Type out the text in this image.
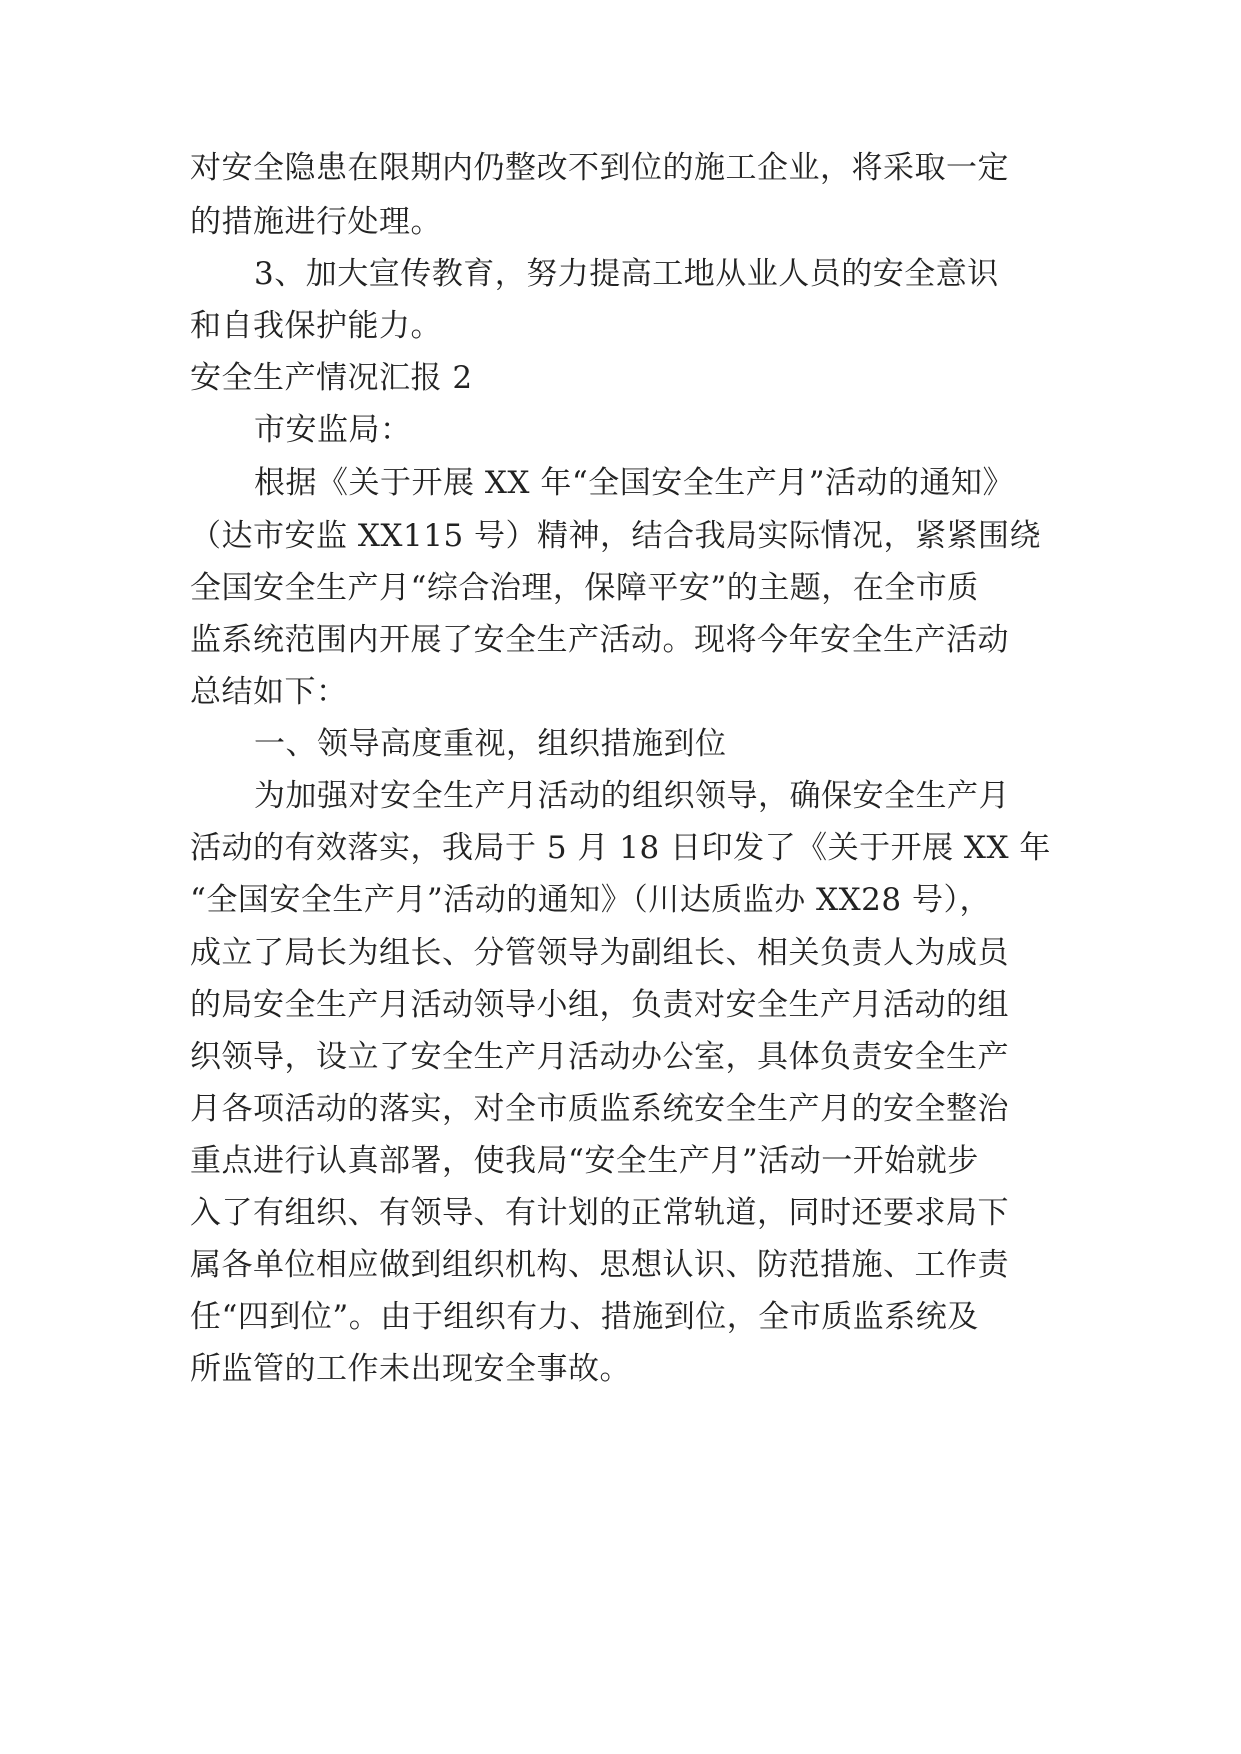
对安全隐患在限期内仍整改不到位的施工企业，将采取一定
的措施进行处理。
3、加大宣传教育，努力提高工地从业人员的安全意识
和自我保护能力。
安全生产情况汇报 2
市安监局：
根据《关于开展 XX 年“全国安全生产月”活动的通知》
（达市安监 XX115 号）精神，结合我局实际情况，紧紧围绕
全国安全生产月“综合治理，保障平安”的主题，在全市质
监系统范围内开展了安全生产活动。现将今年安全生产活动
总结如下：
一、领导高度重视，组织措施到位
为加强对安全生产月活动的组织领导，确保安全生产月
活动的有效落实，我局于 5 月 18 日印发了《关于开展 XX 年
“全国安全生产月”活动的通知》（川达质监办 XX28 号），
成立了局长为组长、分管领导为副组长、相关负责人为成员
的局安全生产月活动领导小组，负责对安全生产月活动的组
织领导，设立了安全生产月活动办公室，具体负责安全生产
月各项活动的落实，对全市质监系统安全生产月的安全整治
重点进行认真部署，使我局“安全生产月”活动一开始就步
入了有组织、有领导、有计划的正常轨道，同时还要求局下
属各单位相应做到组织机构、思想认识、防范措施、工作责
任“四到位”。由于组织有力、措施到位，全市质监系统及
所监管的工作未出现安全事故。
